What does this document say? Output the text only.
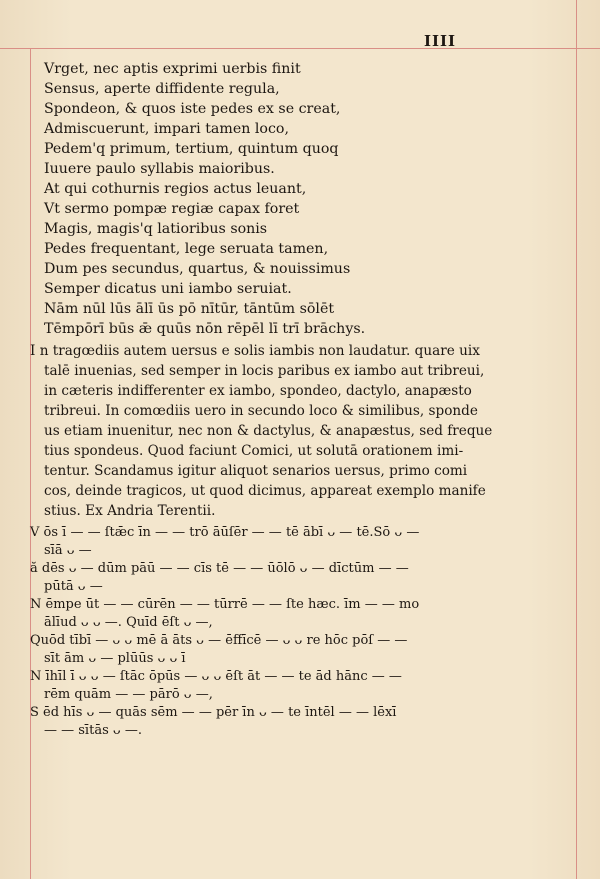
IIII
Vrget, nec aptis exprimi uerbis finit
Sensus, aperte diffidente regula,
Spondeon, & quos iste pedes ex se creat,
Admiscuerunt, impari tamen loco,
Pedem'q primum, tertium, quintum quoq
Iuuere paulo syllabis maioribus.
At qui cothurnis regios actus leuant,
Vt sermo pompæ regiæ capax foret
Magis, magis'q latioribus sonis
Pedes frequentant, lege seruata tamen,
Dum pes secundus, quartus, & nouissimus
Semper dicatus uni iambo seruiat.
Nām nūl lūs ālī ūs pō nītūr, tāntūm sōlēt
Tēmpōrī būs ǣ quūs nōn rēpēl lī trī brāchys.
I n tragœdiis autem uersus e solis iambis non laudatur. quare uix
talē inuenias, sed semper in locis paribus ex iambo aut tribreui,
in cæteris indifferenter ex iambo, spondeo, dactylo, anapæsto
tribreui. In comœdiis uero in secundo loco & similibus, sponde
us etiam inuenitur, nec non & dactylus, & anapæstus, sed freque
tius spondeus. Quod faciunt Comici, ut solutā orationem imi-
tentur. Scandamus igitur aliquot senarios uersus, primo comi
cos, deinde tragicos, ut quod dicimus, appareat exemplo manife
stius. Ex Andria Terentii.
V ōs ī — — ſtǣc īn — — trō āūſēr — — tē ābī ᴗ — tē.Sō ᴗ —
sīā ᴗ —
ă dēs ᴗ — dūm pāū — — cīs tē — — ūōlō ᴗ — dīctūm — —
pūtā ᴗ —
N ēmpe ūt — — cūrēn — — tūrrē — — ſte hæc. īm — — mo
ālīud ᴗ ᴗ —. Quīd ēſt ᴗ —,
Quōd tībī — ᴗ ᴗ mē ā āts ᴗ — ēffīcē — ᴗ ᴗ re hōc pōſ — —
sīt ām ᴗ — plūūs ᴗ ᴗ ī
N īhīl ī ᴗ ᴗ — ſtāc ōpūs — ᴗ ᴗ ēſt āt — — te ād hānc — —
rēm quām — — pārō ᴗ —,
S ēd hīs ᴗ — quās sēm — — pēr īn ᴗ — te īntēl — — lēxī
— — sītās ᴗ —.
